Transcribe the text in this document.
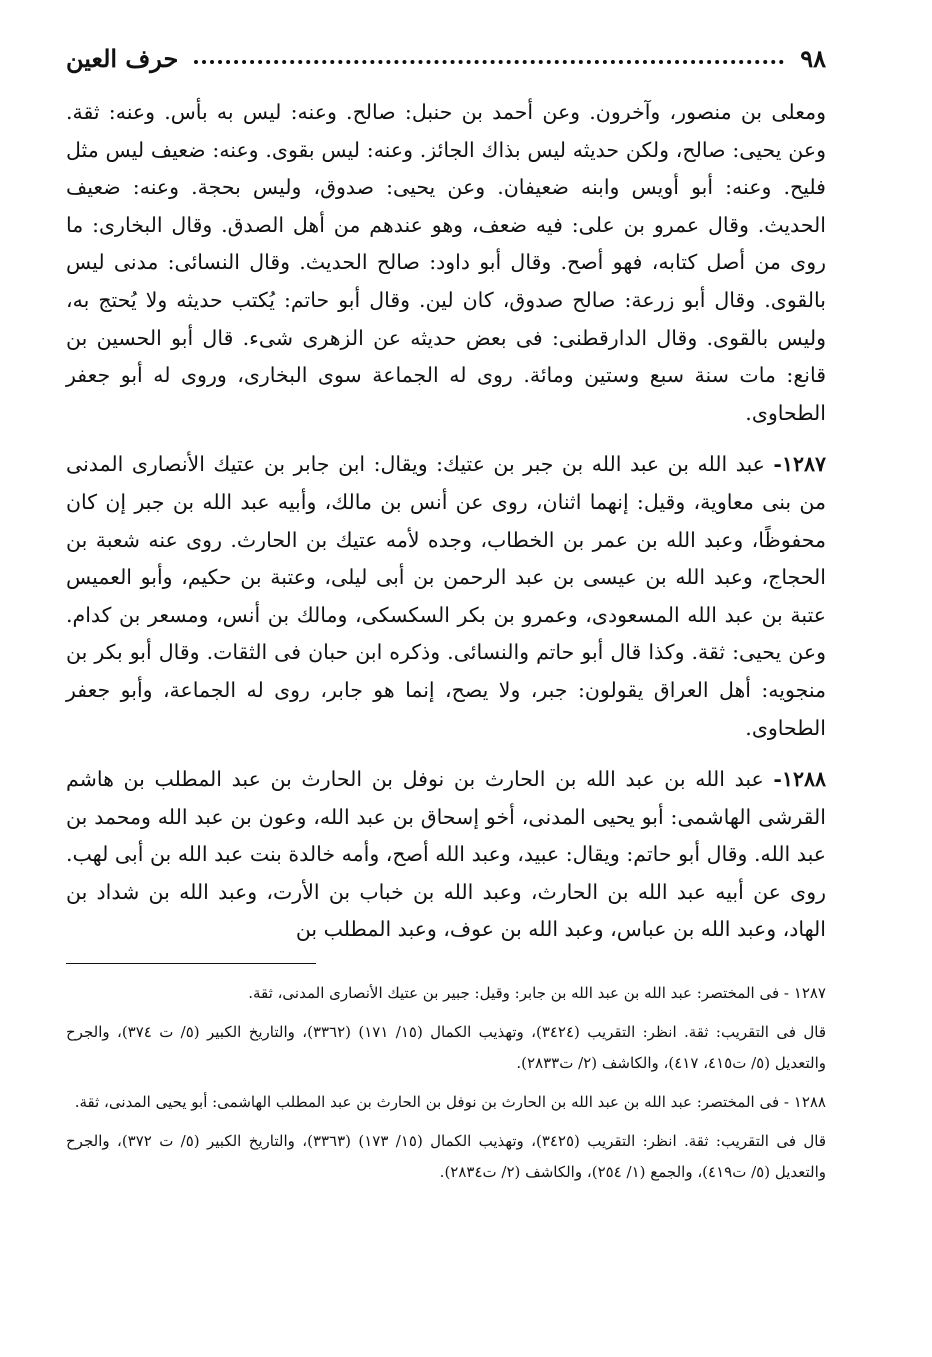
٩٨
حرف العين

ومعلى بن منصور، وآخرون. وعن أحمد بن حنبل: صالح. وعنه: ليس به بأس. وعنه: ثقة. وعن يحيى: صالح، ولكن حديثه ليس بذاك الجائز. وعنه: ليس بقوى. وعنه: ضعيف ليس مثل فليح. وعنه: أبو أويس وابنه ضعيفان. وعن يحيى: صدوق، وليس بحجة. وعنه: ضعيف الحديث. وقال عمرو بن على: فيه ضعف، وهو عندهم من أهل الصدق. وقال البخارى: ما روى من أصل كتابه، فهو أصح. وقال أبو داود: صالح الحديث. وقال النسائى: مدنى ليس بالقوى. وقال أبو زرعة: صالح صدوق، كان لين. وقال أبو حاتم: يُكتب حديثه ولا يُحتج به، وليس بالقوى. وقال الدارقطنى: فى بعض حديثه عن الزهرى شىء. قال أبو الحسين بن قانع: مات سنة سبع وستين ومائة. روى له الجماعة سوى البخارى، وروى له أبو جعفر الطحاوى.

١٢٨٧- عبد الله بن عبد الله بن جبر بن عتيك: ويقال: ابن جابر بن عتيك الأنصارى المدنى من بنى معاوية، وقيل: إنهما اثنان، روى عن أنس بن مالك، وأبيه عبد الله بن جبر إن كان محفوظًا، وعبد الله بن عمر بن الخطاب، وجده لأمه عتيك بن الحارث. روى عنه شعبة بن الحجاج، وعبد الله بن عيسى بن عبد الرحمن بن أبى ليلى، وعتبة بن حكيم، وأبو العميس عتبة بن عبد الله المسعودى، وعمرو بن بكر السكسكى، ومالك بن أنس، ومسعر بن كدام. وعن يحيى: ثقة. وكذا قال أبو حاتم والنسائى. وذكره ابن حبان فى الثقات. وقال أبو بكر بن منجويه: أهل العراق يقولون: جبر، ولا يصح، إنما هو جابر، روى له الجماعة، وأبو جعفر الطحاوى.

١٢٨٨- عبد الله بن عبد الله بن الحارث بن نوفل بن الحارث بن عبد المطلب بن هاشم القرشى الهاشمى: أبو يحيى المدنى، أخو إسحاق بن عبد الله، وعون بن عبد الله ومحمد بن عبد الله. وقال أبو حاتم: ويقال: عبيد، وعبد الله أصح، وأمه خالدة بنت عبد الله بن أبى لهب. روى عن أبيه عبد الله بن الحارث، وعبد الله بن خباب بن الأرت، وعبد الله بن شداد بن الهاد، وعبد الله بن عباس، وعبد الله بن عوف، وعبد المطلب بن

١٢٨٧ - فى المختصر: عبد الله بن عبد الله بن جابر: وقيل: جبير بن عتيك الأنصارى المدنى، ثقة.

قال فى التقريب: ثقة. انظر: التقريب (٣٤٢٤)، وتهذيب الكمال (١٥/ ١٧١) (٣٣٦٢)، والتاريخ الكبير (٥/ ت ٣٧٤)، والجرح والتعديل (٥/ ت٤١٥، ٤١٧)، والكاشف (٢/ ت٢٨٣٣).

١٢٨٨ - فى المختصر: عبد الله بن عبد الله بن الحارث بن نوفل بن الحارث بن عبد المطلب الهاشمى: أبو يحيى المدنى، ثقة.

قال فى التقريب: ثقة. انظر: التقريب (٣٤٢٥)، وتهذيب الكمال (١٥/ ١٧٣) (٣٣٦٣)، والتاريخ الكبير (٥/ ت ٣٧٢)، والجرح والتعديل (٥/ ت٤١٩)، والجمع (١/ ٢٥٤)، والكاشف (٢/ ت٢٨٣٤).
